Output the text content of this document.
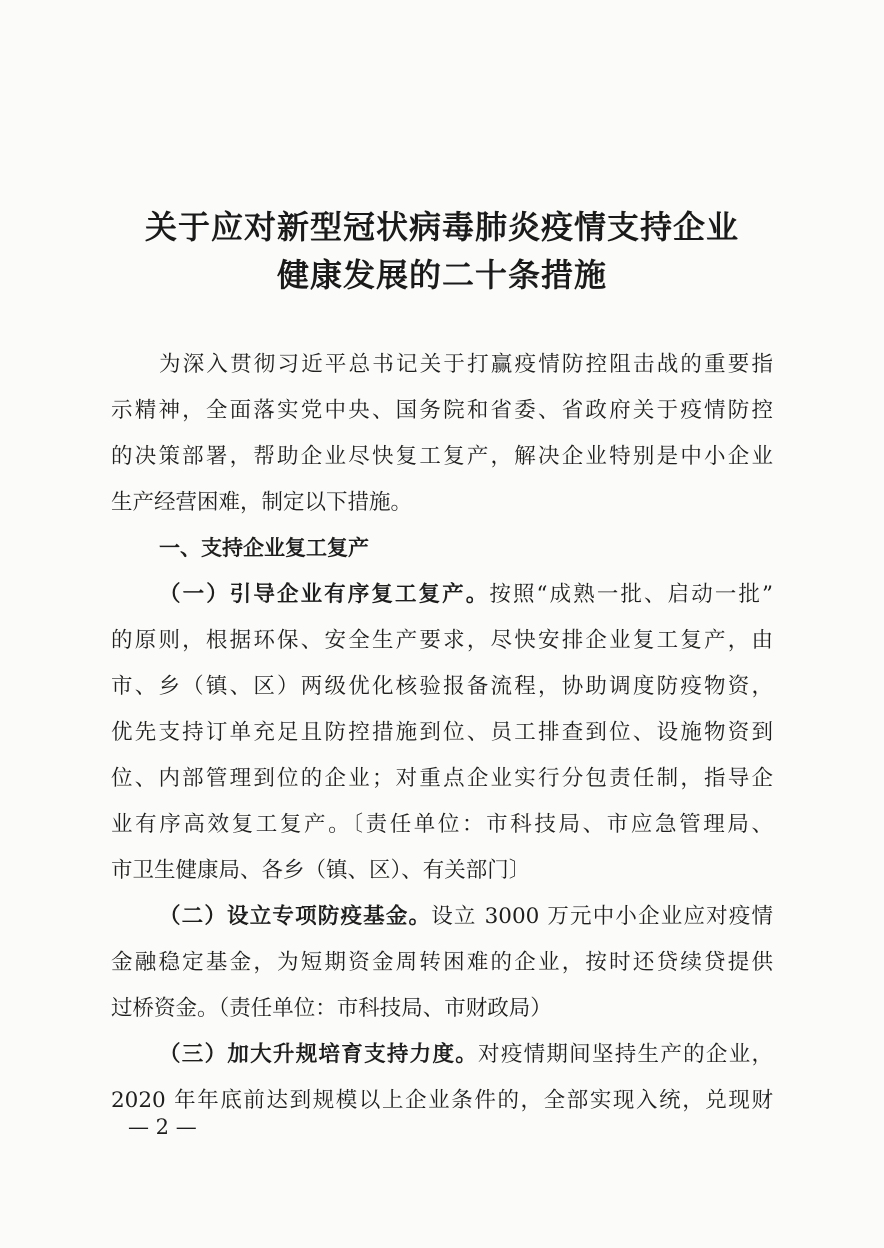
关于应对新型冠状病毒肺炎疫情支持企业
健康发展的二十条措施
为深入贯彻习近平总书记关于打赢疫情防控阻击战的重要指
示精神，全面落实党中央、国务院和省委、省政府关于疫情防控
的决策部署，帮助企业尽快复工复产，解决企业特别是中小企业
生产经营困难，制定以下措施。
一、支持企业复工复产
（一）引导企业有序复工复产。按照“成熟一批、启动一批”
的原则，根据环保、安全生产要求，尽快安排企业复工复产，由
市、乡（镇、区）两级优化核验报备流程，协助调度防疫物资，
优先支持订单充足且防控措施到位、员工排查到位、设施物资到
位、内部管理到位的企业；对重点企业实行分包责任制，指导企
业有序高效复工复产。〔责任单位：市科技局、市应急管理局、
市卫生健康局、各乡（镇、区）、有关部门〕
（二）设立专项防疫基金。设立 3000 万元中小企业应对疫情
金融稳定基金，为短期资金周转困难的企业，按时还贷续贷提供
过桥资金。（责任单位：市科技局、市财政局）
（三）加大升规培育支持力度。对疫情期间坚持生产的企业，
2020 年年底前达到规模以上企业条件的，全部实现入统，兑现财
— 2 —
